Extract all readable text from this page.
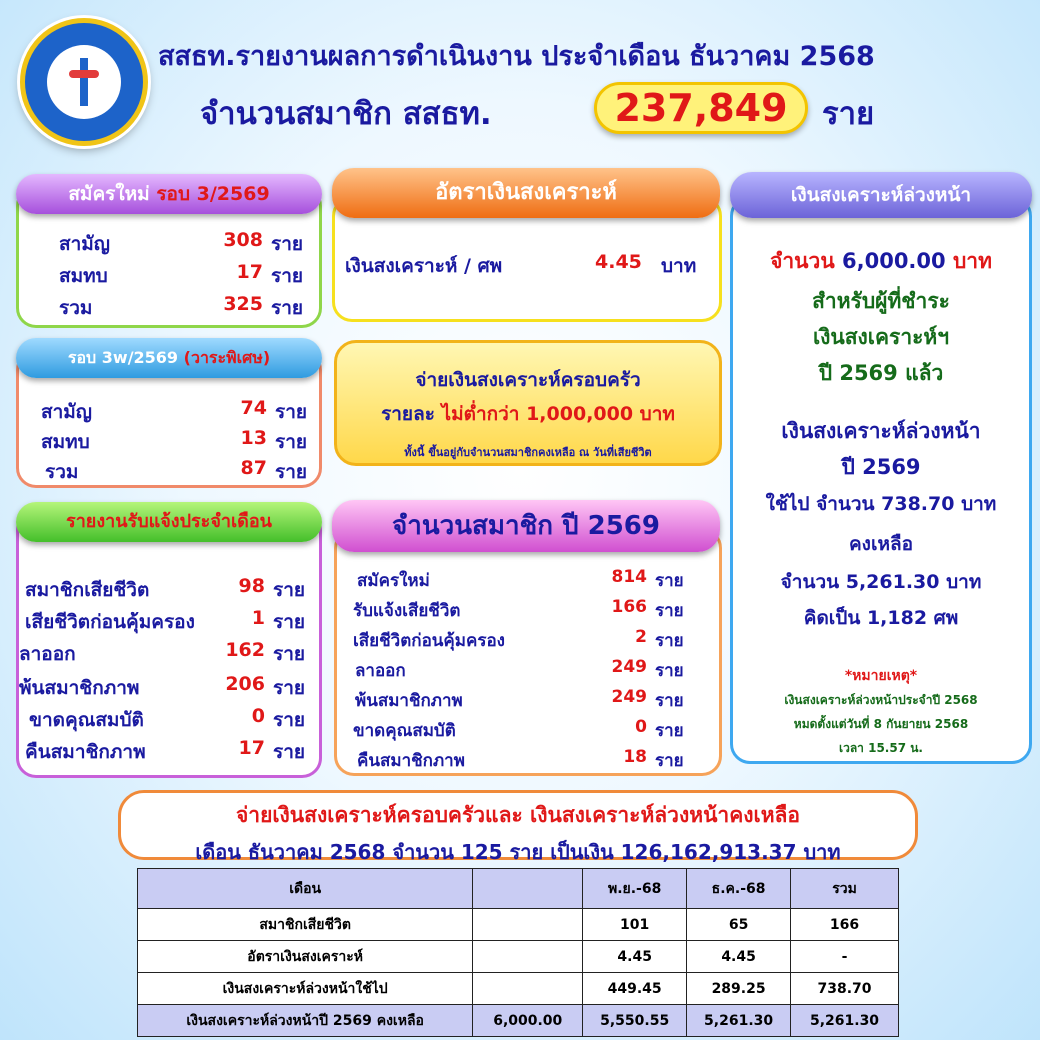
สสธท.รายงานผลการดำเนินงาน ประจำเดือน ธันวาคม 2568
จำนวนสมาชิก สสธท.	237,849	ราย
สามัญ	308 ราย
สมทบ	17 ราย
รวม	325 ราย
สมัครใหม่ รอบ 3/2569
สามัญ	74 ราย
สมทบ	13 ราย
รวม	87 ราย
รอบ 3w/2569 (วาระพิเศษ)
สมาชิกเสียชีวิต	98 ราย
เสียชีวิตก่อนคุ้มครอง	1 ราย
ลาออก	162 ราย
พ้นสมาชิกภาพ	206 ราย
ขาดคุณสมบัติ	0 ราย
คืนสมาชิกภาพ	17 ราย
รายงานรับแจ้งประจำเดือน
เงินสงเคราะห์ / ศพ	4.45 บาท
อัตราเงินสงเคราะห์
จ่ายเงินสงเคราะห์ครอบครัว
รายละ ไม่ต่ำกว่า 1,000,000 บาท
ทั้งนี้ ขึ้นอยู่กับจำนวนสมาชิกคงเหลือ ณ วันที่เสียชีวิต
สมัครใหม่	814 ราย
รับแจ้งเสียชีวิต	166 ราย
เสียชีวิตก่อนคุ้มครอง	2 ราย
ลาออก	249 ราย
พ้นสมาชิกภาพ	249 ราย
ขาดคุณสมบัติ	0 ราย
คืนสมาชิกภาพ	18 ราย
จำนวนสมาชิก ปี 2569
จำนวน 6,000.00 บาท
สำหรับผู้ที่ชำระ
เงินสงเคราะห์ฯ
ปี 2569 แล้ว
เงินสงเคราะห์ล่วงหน้า
ปี 2569
ใช้ไป จำนวน 738.70 บาท
คงเหลือ
จำนวน 5,261.30 บาท
คิดเป็น 1,182 ศพ
*หมายเหตุ*
เงินสงเคราะห์ล่วงหน้าประจำปี 2568
หมดตั้งแต่วันที่ 8 กันยายน 2568
เวลา 15.57 น.
เงินสงเคราะห์ล่วงหน้า
จ่ายเงินสงเคราะห์ครอบครัวและ เงินสงเคราะห์ล่วงหน้าคงเหลือ
เดือน ธันวาคม 2568 จำนวน 125 ราย เป็นเงิน 126,162,913.37 บาท
เดือน		พ.ย.-68	ธ.ค.-68	รวม
สมาชิกเสียชีวิต		101	65	166
อัตราเงินสงเคราะห์		4.45	4.45	-
เงินสงเคราะห์ล่วงหน้าใช้ไป		449.45	289.25	738.70
เงินสงเคราะห์ล่วงหน้าปี 2569 คงเหลือ	6,000.00	5,550.55	5,261.30	5,261.30
